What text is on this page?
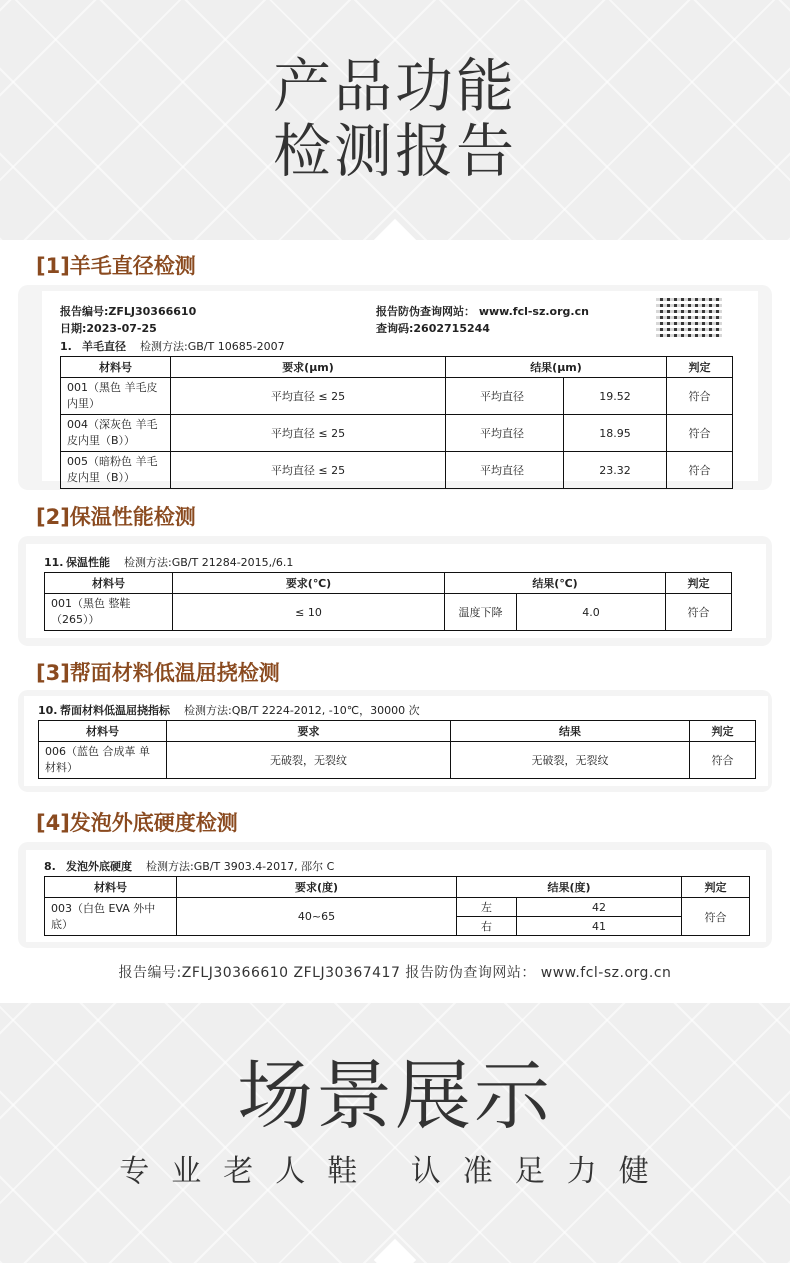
产品功能
检测报告
[1]羊毛直径检测
报告编号:ZFLJ30366610
日期:2023-07-25
报告防伪查询网站： www.fcl-sz.org.cn
查询码:2602715244
1. 羊毛直径 检测方法:GB/T 10685-2007
材料号	要求(μm)	结果(μm)		判定
001（黑色 羊毛皮 内里）	平均直径 ≤ 25	平均直径	19.52	符合
004（深灰色 羊毛皮内里（B））	平均直径 ≤ 25	平均直径	18.95	符合
005（暗粉色 羊毛皮内里（B））	平均直径 ≤ 25	平均直径	23.32	符合
[2]保温性能检测
11. 保温性能 检测方法:GB/T 21284-2015,/6.1
材料号	要求(℃)	结果(℃)		判定
001（黑色 整鞋（265））	≤ 10	温度下降	4.0	符合
[3]帮面材料低温屈挠检测
10. 帮面材料低温屈挠指标 检测方法:QB/T 2224-2012, -10℃，30000 次
材料号	要求	结果	判定
006（蓝色 合成革 单材料）	无破裂，无裂纹	无破裂，无裂纹	符合
[4]发泡外底硬度检测
8. 发泡外底硬度 检测方法:GB/T 3903.4-2017, 邵尔 C
材料号	要求(度)	结果(度)		判定
003（白色 EVA 外中底）	40~65	左	42	符合
		右	41	
报告编号:ZFLJ30366610 ZFLJ30367417 报告防伪查询网站： www.fcl-sz.org.cn
场景展示
专业老人鞋 认准足力健
